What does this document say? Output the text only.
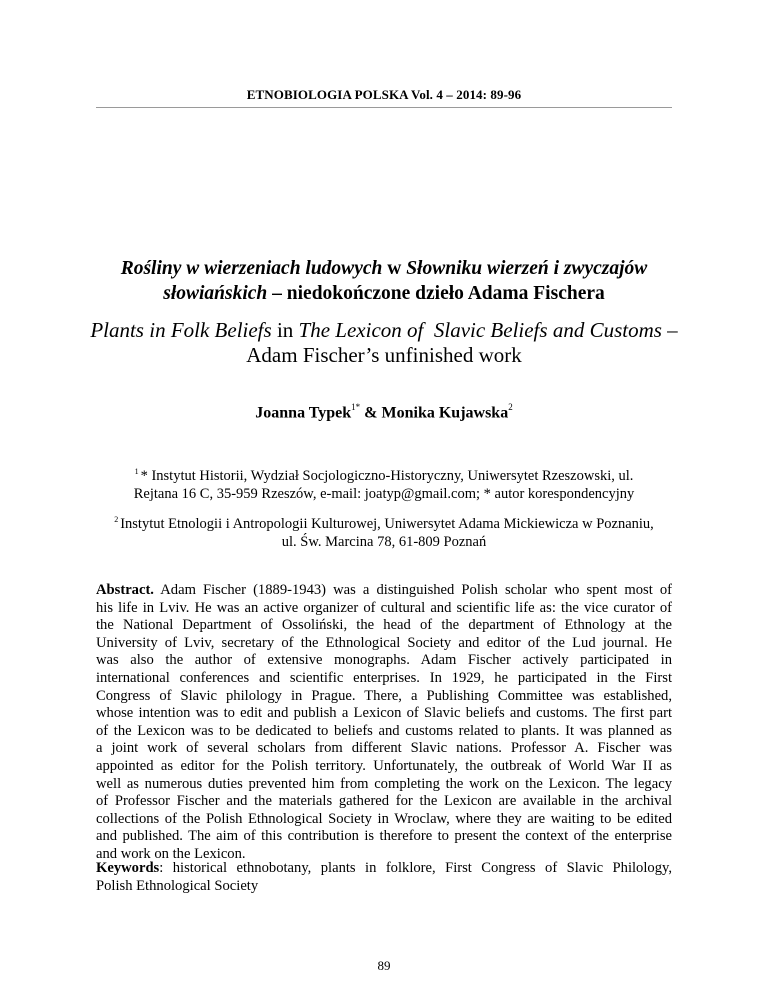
ETNOBIOLOGIA POLSKA Vol. 4 – 2014: 89-96
Rośliny w wierzeniach ludowych w Słowniku wierzeń i zwyczajów
słowiańskich – niedokończone dzieło Adama Fischera
Plants in Folk Beliefs in The Lexicon of  Slavic Beliefs and Customs –
Adam Fischer’s unfinished work
Joanna Typek$^{1*}$ & Monika Kujawska$^2$
$^1$ * Instytut Historii, Wydział Socjologiczno-Historyczny, Uniwersytet Rzeszowski, ul.
Rejtana 16 C, 35-959 Rzeszów, e-mail: joatyp@gmail.com; * autor korespondencyjny
$^2$ Instytut Etnologii i Antropologii Kulturowej, Uniwersytet Adama Mickiewicza w Poznaniu,
ul. Św. Marcina 78, 61-809 Poznań
Abstract. Adam Fischer (1889-1943) was a distinguished Polish scholar who spent most of
his life in Lviv. He was an active organizer of cultural and scientific life as: the vice curator of
the National Department of Ossoliński, the head of the department of Ethnology at the
University of Lviv, secretary of the Ethnological Society and editor of the Lud journal. He
was also the author of extensive monographs. Adam Fischer actively participated in
international conferences and scientific enterprises. In 1929, he participated in the First
Congress of Slavic philology in Prague. There, a Publishing Committee was established,
whose intention was to edit and publish a Lexicon of Slavic beliefs and customs. The first part
of the Lexicon was to be dedicated to beliefs and customs related to plants. It was planned as
a joint work of several scholars from different Slavic nations. Professor A. Fischer was
appointed as editor for the Polish territory. Unfortunately, the outbreak of World War II as
well as numerous duties prevented him from completing the work on the Lexicon. The legacy
of Professor Fischer and the materials gathered for the Lexicon are available in the archival
collections of the Polish Ethnological Society in Wroclaw, where they are waiting to be edited
and published. The aim of this contribution is therefore to present the context of the enterprise
and work on the Lexicon.
Keywords: historical ethnobotany, plants in folklore, First Congress of Slavic Philology,
Polish Ethnological Society
89
